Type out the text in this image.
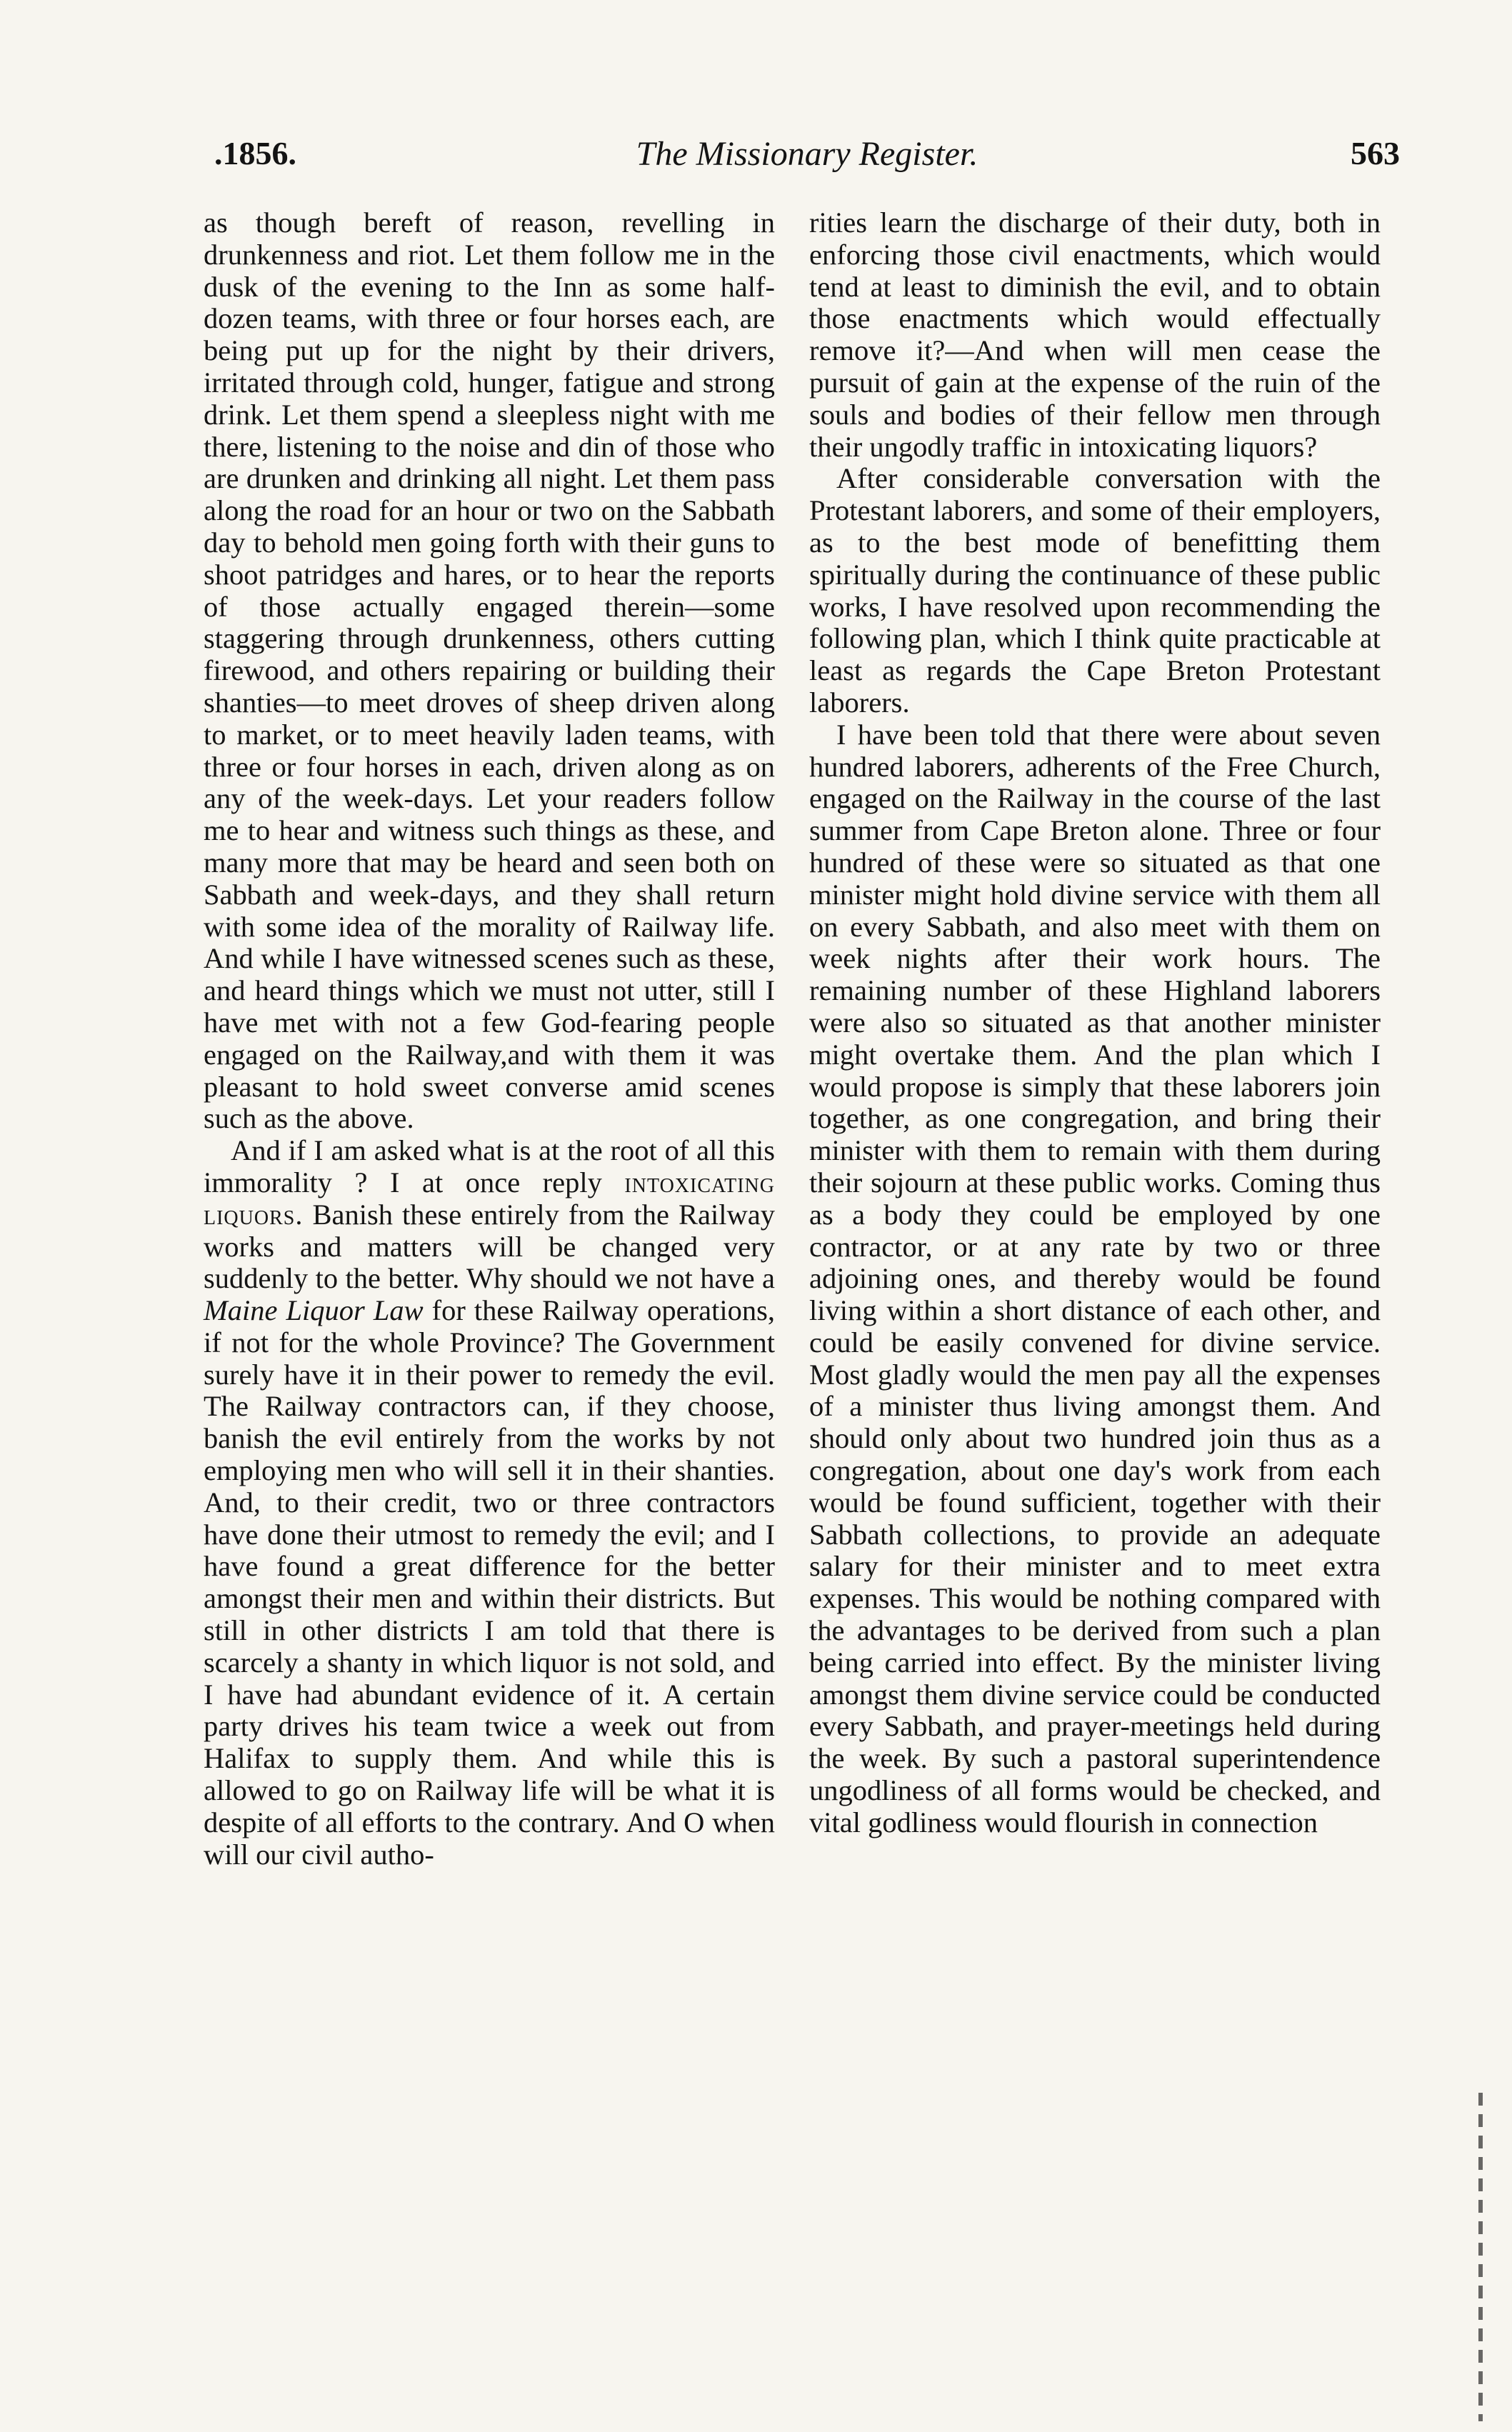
.1856.	The Missionary Register.	563

as though bereft of reason, revelling in drunkenness and riot. Let them follow me in the dusk of the evening to the Inn as some half-dozen teams, with three or four horses each, are being put up for the night by their drivers, irritated through cold, hunger, fatigue and strong drink. Let them spend a sleepless night with me there, listening to the noise and din of those who are drunken and drinking all night. Let them pass along the road for an hour or two on the Sabbath day to behold men going forth with their guns to shoot patridges and hares, or to hear the reports of those actually engaged therein—some staggering through drunkenness, others cutting firewood, and others repairing or building their shanties—to meet droves of sheep driven along to market, or to meet heavily laden teams, with three or four horses in each, driven along as on any of the week-days. Let your readers follow me to hear and witness such things as these, and many more that may be heard and seen both on Sabbath and week-days, and they shall return with some idea of the morality of Railway life. And while I have witnessed scenes such as these, and heard things which we must not utter, still I have met with not a few God-fearing people engaged on the Railway,and with them it was pleasant to hold sweet converse amid scenes such as the above.

And if I am asked what is at the root of all this immorality ? I at once reply intoxicating liquors. Banish these entirely from the Railway works and matters will be changed very suddenly to the better. Why should we not have a Maine Liquor Law for these Railway operations, if not for the whole Province? The Government surely have it in their power to remedy the evil. The Railway contractors can, if they choose, banish the evil entirely from the works by not employing men who will sell it in their shanties. And, to their credit, two or three contractors have done their utmost to remedy the evil; and I have found a great difference for the better amongst their men and within their districts. But still in other districts I am told that there is scarcely a shanty in which liquor is not sold, and I have had abundant evidence of it. A certain party drives his team twice a week out from Halifax to supply them. And while this is allowed to go on Railway life will be what it is despite of all efforts to the contrary. And O when will our civil autho-

rities learn the discharge of their duty, both in enforcing those civil enactments, which would tend at least to diminish the evil, and to obtain those enactments which would effectually remove it?—And when will men cease the pursuit of gain at the expense of the ruin of the souls and bodies of their fellow men through their ungodly traffic in intoxicating liquors?

After considerable conversation with the Protestant laborers, and some of their employers, as to the best mode of benefitting them spiritually during the continuance of these public works, I have resolved upon recommending the following plan, which I think quite practicable at least as regards the Cape Breton Protestant laborers.

I have been told that there were about seven hundred laborers, adherents of the Free Church, engaged on the Railway in the course of the last summer from Cape Breton alone. Three or four hundred of these were so situated as that one minister might hold divine service with them all on every Sabbath, and also meet with them on week nights after their work hours. The remaining number of these Highland laborers were also so situated as that another minister might overtake them. And the plan which I would propose is simply that these laborers join together, as one congregation, and bring their minister with them to remain with them during their sojourn at these public works. Coming thus as a body they could be employed by one contractor, or at any rate by two or three adjoining ones, and thereby would be found living within a short distance of each other, and could be easily convened for divine service. Most gladly would the men pay all the expenses of a minister thus living amongst them. And should only about two hundred join thus as a congregation, about one day's work from each would be found sufficient, together with their Sabbath collections, to provide an adequate salary for their minister and to meet extra expenses. This would be nothing compared with the advantages to be derived from such a plan being carried into effect. By the minister living amongst them divine service could be conducted every Sabbath, and prayer-meetings held during the week. By such a pastoral superintendence ungodliness of all forms would be checked, and vital godliness would flourish in connection
